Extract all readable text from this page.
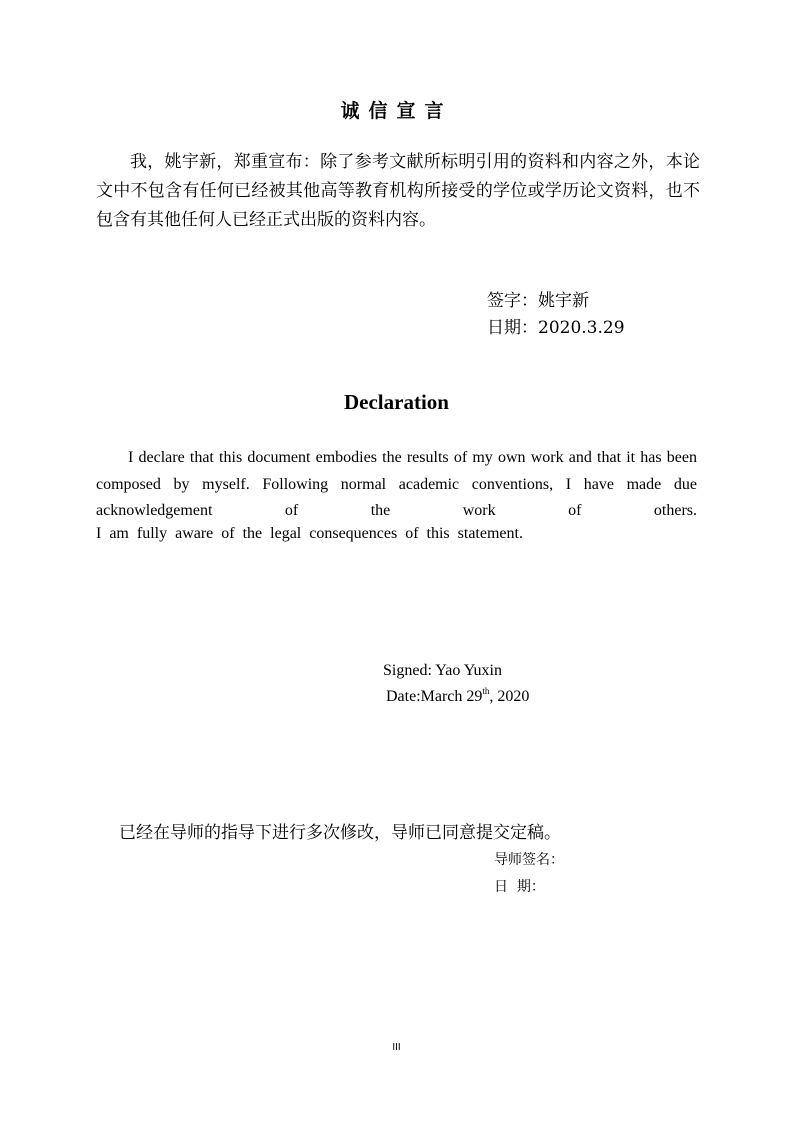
诚信宣言
我，姚宇新，郑重宣布：除了参考文献所标明引用的资料和内容之外，本论文中不包含有任何已经被其他高等教育机构所接受的学位或学历论文资料，也不包含有其他任何人已经正式出版的资料内容。
签字：姚宇新
日期：2020.3.29
Declaration
I declare that this document embodies the results of my own work and that it has been composed by myself. Following normal academic conventions, I have made due acknowledgement of the work of others.
I am fully aware of the legal consequences of this statement.
Signed: Yao Yuxin
Date:March 29th, 2020
已经在导师的指导下进行多次修改，导师已同意提交定稿。
导师签名：
日  期：
III
